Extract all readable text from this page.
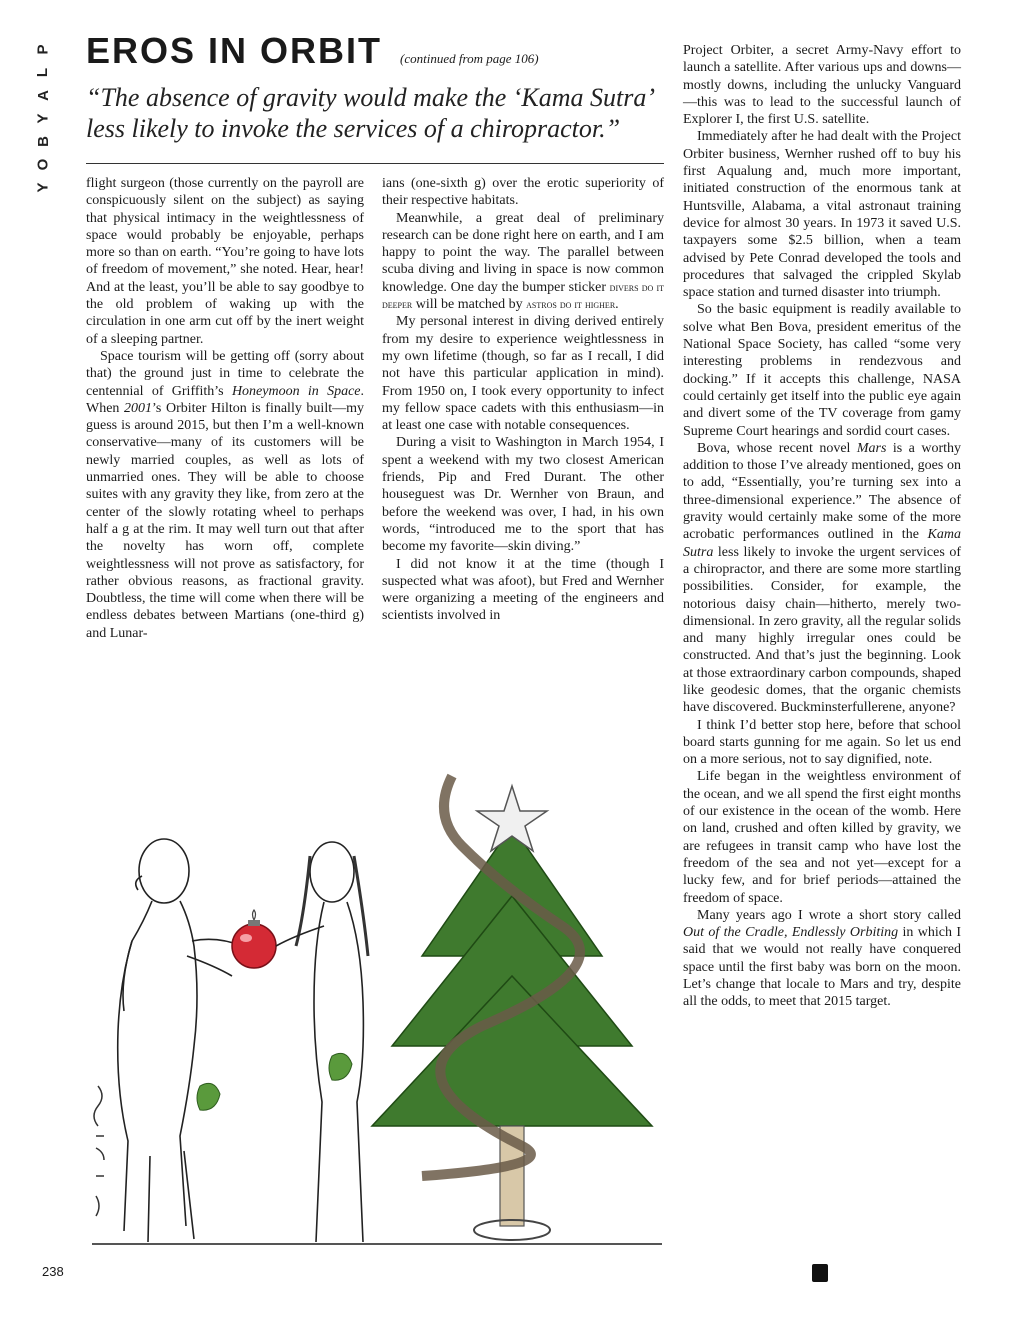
P
L
A
Y
B
O
Y
EROS IN ORBIT (continued from page 106)
“The absence of gravity would make the ‘Kama Sutra’ less likely to invoke the services of a chiropractor.”

flight surgeon (those currently on the payroll are conspicuously silent on the subject) as saying that physical intimacy in the weightlessness of space would probably be enjoyable, perhaps more so than on earth. “You’re going to have lots of freedom of movement,” she noted. Hear, hear! And at the least, you’ll be able to say goodbye to the old problem of waking up with the circulation in one arm cut off by the inert weight of a sleeping partner.

Space tourism will be getting off (sorry about that) the ground just in time to celebrate the centennial of Griffith’s Honeymoon in Space. When 2001’s Orbiter Hilton is finally built—my guess is around 2015, but then I’m a well-known conservative—many of its customers will be newly married couples, as well as lots of unmarried ones. They will be able to choose suites with any gravity they like, from zero at the center of the slowly rotating wheel to perhaps half a g at the rim. It may well turn out that after the novelty has worn off, complete weightlessness will not prove as satisfactory, for rather obvious reasons, as fractional gravity. Doubtless, the time will come when there will be endless debates between Martians (one-third g) and Lunar-

ians (one-sixth g) over the erotic superiority of their respective habitats.

Meanwhile, a great deal of preliminary research can be done right here on earth, and I am happy to point the way. The parallel between scuba diving and living in space is now common knowledge. One day the bumper sticker divers do it deeper will be matched by astros do it higher.

My personal interest in diving derived entirely from my desire to experience weightlessness in my own lifetime (though, so far as I recall, I did not have this particular application in mind). From 1950 on, I took every opportunity to infect my fellow space cadets with this enthusiasm—in at least one case with notable consequences.

During a visit to Washington in March 1954, I spent a weekend with my two closest American friends, Pip and Fred Durant. The other houseguest was Dr. Wernher von Braun, and before the weekend was over, I had, in his own words, “introduced me to the sport that has become my favorite—skin diving.”

I did not know it at the time (though I suspected what was afoot), but Fred and Wernher were organizing a meeting of the engineers and scientists involved in

Project Orbiter, a secret Army-Navy effort to launch a satellite. After various ups and downs—mostly downs, including the unlucky Vanguard—this was to lead to the successful launch of Explorer I, the first U.S. satellite.

Immediately after he had dealt with the Project Orbiter business, Wernher rushed off to buy his first Aqualung and, much more important, initiated construction of the enormous tank at Huntsville, Alabama, a vital astronaut training device for almost 30 years. In 1973 it saved U.S. taxpayers some $2.5 billion, when a team advised by Pete Conrad developed the tools and procedures that salvaged the crippled Skylab space station and turned disaster into triumph.

So the basic equipment is readily available to solve what Ben Bova, president emeritus of the National Space Society, has called “some very interesting problems in rendezvous and docking.” If it accepts this challenge, NASA could certainly get itself into the public eye again and divert some of the TV coverage from gamy Supreme Court hearings and sordid court cases.

Bova, whose recent novel Mars is a worthy addition to those I’ve already mentioned, goes on to add, “Essentially, you’re turning sex into a three-dimensional experience.” The absence of gravity would certainly make some of the more acrobatic performances outlined in the Kama Sutra less likely to invoke the urgent services of a chiropractor, and there are some more startling possibilities. Consider, for example, the notorious daisy chain—hitherto, merely two-dimensional. In zero gravity, all the regular solids and many highly irregular ones could be constructed. And that’s just the beginning. Look at those extraordinary carbon compounds, shaped like geodesic domes, that the organic chemists have discovered. Buckminsterfullerene, anyone?

I think I’d better stop here, before that school board starts gunning for me again. So let us end on a more serious, not to say dignified, note.

Life began in the weightless environment of the ocean, and we all spend the first eight months of our existence in the ocean of the womb. Here on land, crushed and often killed by gravity, we are refugees in transit camp who have lost the freedom of the sea and not yet—except for a lucky few, and for brief periods—attained the freedom of space.

Many years ago I wrote a short story called Out of the Cradle, Endlessly Orbiting in which I said that we would not really have conquered space until the first baby was born on the moon. Let’s change that locale to Mars and try, despite all the odds, to meet that 2015 target.

238
